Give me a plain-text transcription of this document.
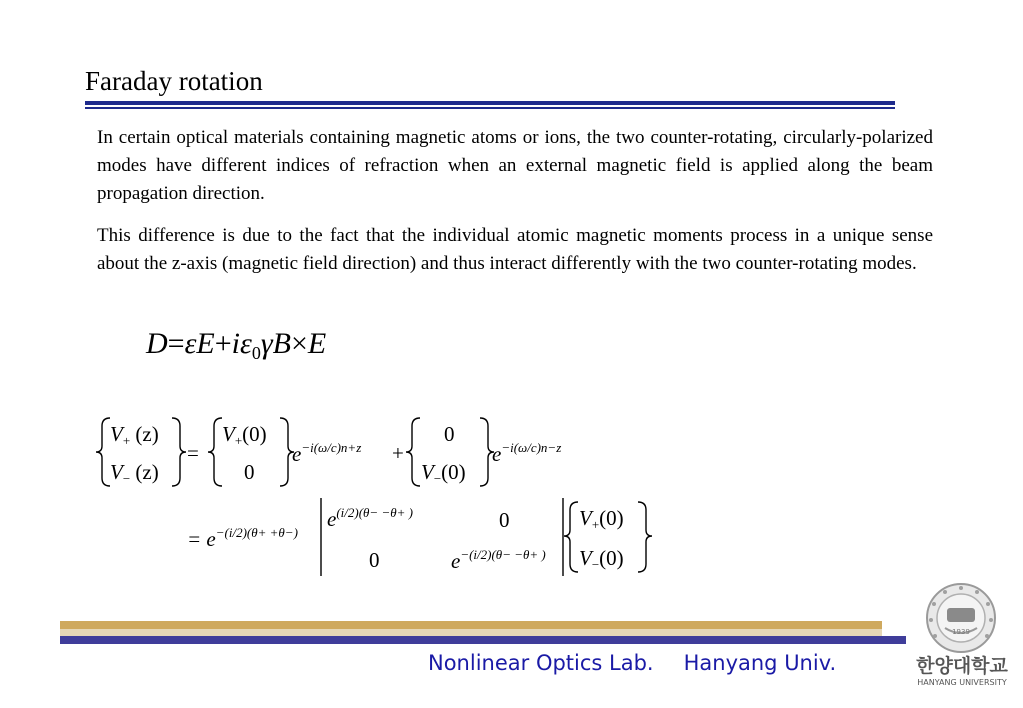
Faraday rotation

In certain optical materials containing magnetic atoms or ions, the two counter-rotating, circularly-polarized modes have different indices of refraction when an external magnetic field is applied along the beam propagation direction.

This difference is due to the fact that the individual atomic magnetic moments process in a unique sense about the z-axis (magnetic field direction) and thus interact differently with the two counter-rotating modes.

$D=\varepsilon E+i\varepsilon_0\gamma B\times E$
$V_+$ (z)
$V_-$ (z)
=
$V_+(0)$
0
$e^{-i(\omega/c)n+z}$ +
0
$V_-(0)$
$e^{-i(\omega/c)n-z}$
= $e^{-(i/2)(\theta+ +\theta-)}$
$e^{(i/2)(\theta- -\theta+ )}$	0
0	$e^{-(i/2)(\theta- -\theta+ )}$
$V_+(0)$
$V_-(0)$
Nonlinear Optics Lab. Hanyang Univ.
1939
한양대학교
HANYANG UNIVERSITY
